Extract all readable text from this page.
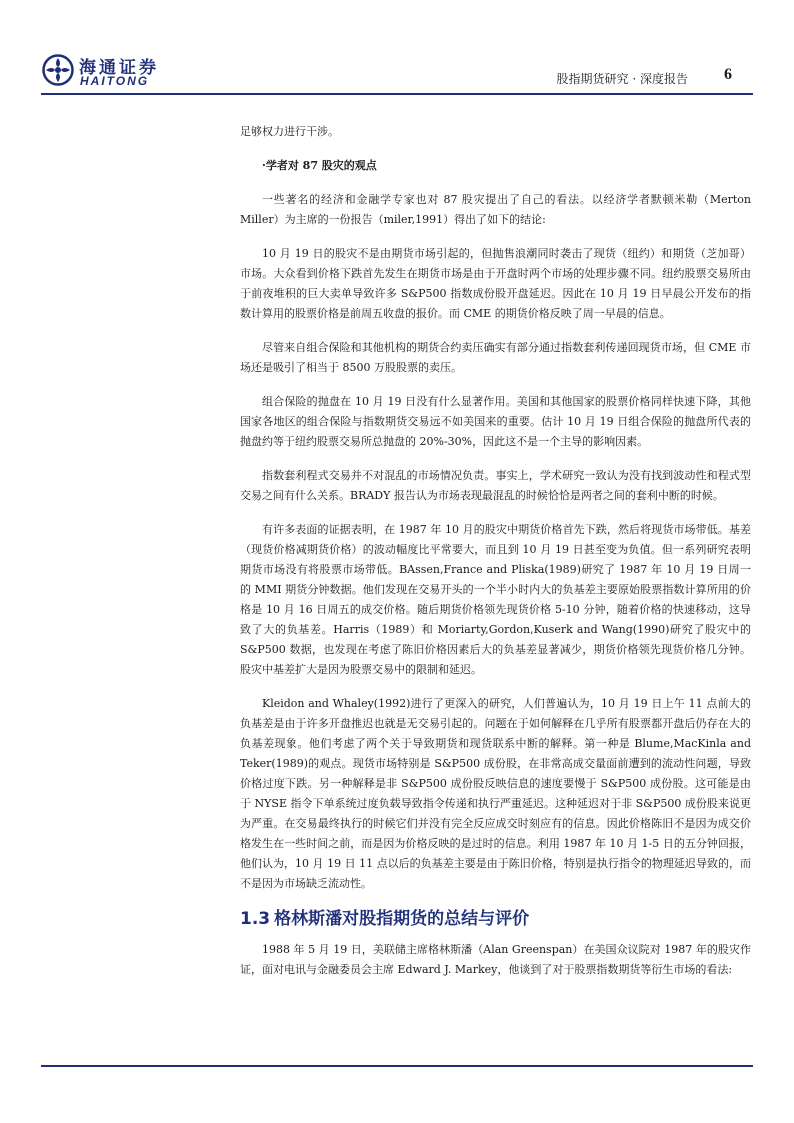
海通证券
HAITONG	股指期货研究 · 深度报告 6

足够权力进行干涉。

·学者对 87 股灾的观点

一些著名的经济和金融学专家也对 87 股灾提出了自己的看法。以经济学者默顿米勒（Merton Miller）为主席的一份报告（miler,1991）得出了如下的结论:

10 月 19 日的股灾不是由期货市场引起的，但抛售浪潮同时袭击了现货（纽约）和期货（芝加哥）市场。大众看到价格下跌首先发生在期货市场是由于开盘时两个市场的处理步骤不同。纽约股票交易所由于前夜堆积的巨大卖单导致许多 S&P500 指数成份股开盘延迟。因此在 10 月 19 日早晨公开发布的指数计算用的股票价格是前周五收盘的报价。而 CME 的期货价格反映了周一早晨的信息。

尽管来自组合保险和其他机构的期货合约卖压确实有部分通过指数套利传递回现货市场，但 CME 市场还是吸引了相当于 8500 万股股票的卖压。

组合保险的抛盘在 10 月 19 日没有什么显著作用。美国和其他国家的股票价格同样快速下降，其他国家各地区的组合保险与指数期货交易远不如美国来的重要。估计 10 月 19 日组合保险的抛盘所代表的抛盘约等于纽约股票交易所总抛盘的 20%-30%，因此这不是一个主导的影响因素。

指数套利程式交易并不对混乱的市场情况负责。事实上，学术研究一致认为没有找到波动性和程式型交易之间有什么关系。BRADY 报告认为市场表现最混乱的时候恰恰是两者之间的套利中断的时候。

有许多表面的证据表明，在 1987 年 10 月的股灾中期货价格首先下跌，然后将现货市场带低。基差（现货价格减期货价格）的波动幅度比平常要大，而且到 10 月 19 日甚至变为负值。但一系列研究表明期货市场没有将股票市场带低。BAssen,France and Pliska(1989)研究了 1987 年 10 月 19 日周一的 MMI 期货分钟数据。他们发现在交易开头的一个半小时内大的负基差主要原始股票指数计算所用的价格是 10 月 16 日周五的成交价格。随后期货价格领先现货价格 5-10 分钟，随着价格的快速移动，这导致了大的负基差。Harris（1989）和 Moriarty,Gordon,Kuserk and Wang(1990)研究了股灾中的 S&P500 数据，也发现在考虑了陈旧价格因素后大的负基差显著减少，期货价格领先现货价格几分钟。股灾中基差扩大是因为股票交易中的限制和延迟。

Kleidon and Whaley(1992)进行了更深入的研究，人们普遍认为，10 月 19 日上午 11 点前大的负基差是由于许多开盘推迟也就是无交易引起的。问题在于如何解释在几乎所有股票都开盘后仍存在大的负基差现象。他们考虑了两个关于导致期货和现货联系中断的解释。第一种是 Blume,MacKinla and Teker(1989)的观点。现货市场特别是 S&P500 成份股，在非常高成交量面前遭到的流动性问题，导致价格过度下跌。另一种解释是非 S&P500 成份股反映信息的速度要慢于 S&P500 成份股。这可能是由于 NYSE 指令下单系统过度负载导致指令传递和执行严重延迟。这种延迟对于非 S&P500 成份股来说更为严重。在交易最终执行的时候它们并没有完全反应成交时刻应有的信息。因此价格陈旧不是因为成交价格发生在一些时间之前，而是因为价格反映的是过时的信息。利用 1987 年 10 月 1-5 日的五分钟回报，他们认为，10 月 19 日 11 点以后的负基差主要是由于陈旧价格，特别是执行指令的物理延迟导致的，而不是因为市场缺乏流动性。

1.3 格林斯潘对股指期货的总结与评价

1988 年 5 月 19 日，美联储主席格林斯潘（Alan Greenspan）在美国众议院对 1987 年的股灾作证，面对电讯与金融委员会主席 Edward J. Markey，他谈到了对于股票指数期货等衍生市场的看法:
